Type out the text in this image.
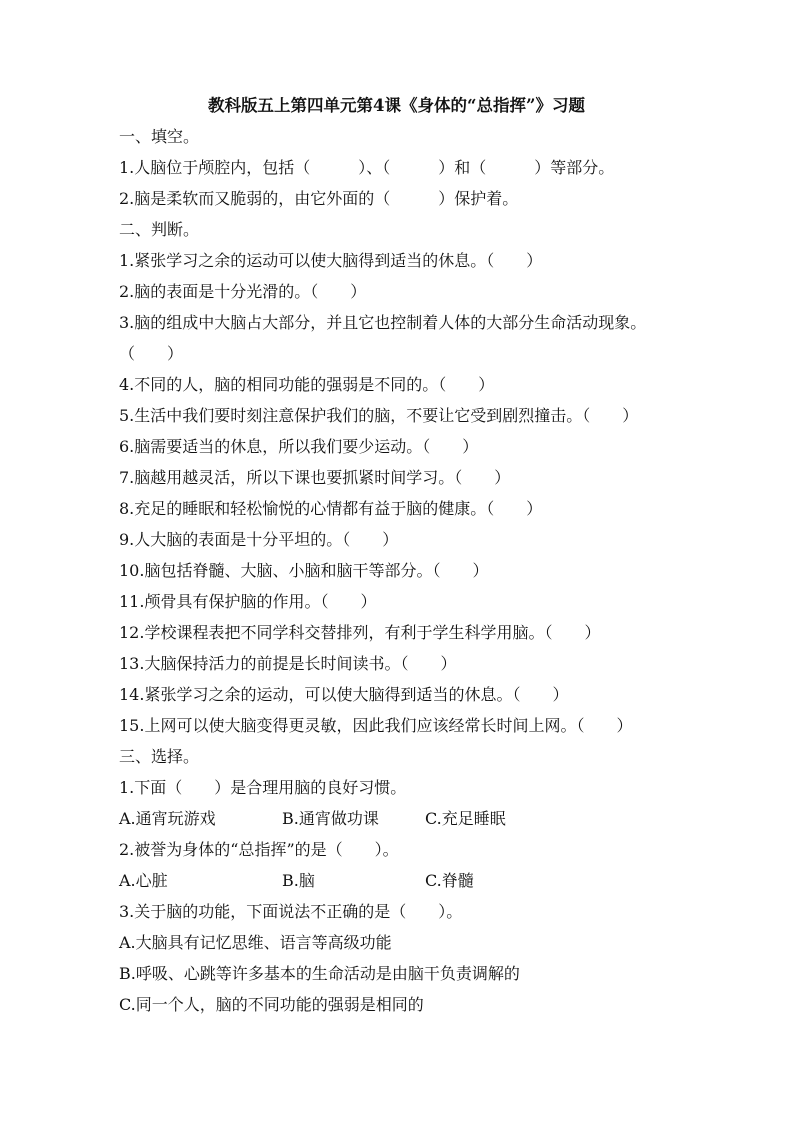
教科版五上第四单元第4课《身体的“总指挥”》习题
一、填空。
1.人脑位于颅腔内，包括（　　　）、（　　　）和（　　　）等部分。
2.脑是柔软而又脆弱的，由它外面的（　　　）保护着。
二、判断。
1.紧张学习之余的运动可以使大脑得到适当的休息。（　　）
2.脑的表面是十分光滑的。（　　）
3.脑的组成中大脑占大部分，并且它也控制着人体的大部分生命活动现象。
（　　）
4.不同的人，脑的相同功能的强弱是不同的。（　　）
5.生活中我们要时刻注意保护我们的脑，不要让它受到剧烈撞击。（　　）
6.脑需要适当的休息，所以我们要少运动。（　　）
7.脑越用越灵活，所以下课也要抓紧时间学习。（　　）
8.充足的睡眠和轻松愉悦的心情都有益于脑的健康。（　　）
9.人大脑的表面是十分平坦的。（　　）
10.脑包括脊髓、大脑、小脑和脑干等部分。（　　）
11.颅骨具有保护脑的作用。（　　）
12.学校课程表把不同学科交替排列，有利于学生科学用脑。（　　）
13.大脑保持活力的前提是长时间读书。（　　）
14.紧张学习之余的运动，可以使大脑得到适当的休息。（　　）
15.上网可以使大脑变得更灵敏，因此我们应该经常长时间上网。（　　）
三、选择。
1.下面（　　）是合理用脑的良好习惯。
A.通宵玩游戏	B.通宵做功课	C.充足睡眠
2.被誉为身体的“总指挥”的是（　　）。
A.心脏	B.脑	C.脊髓
3.关于脑的功能，下面说法不正确的是（　　）。
A.大脑具有记忆思维、语言等高级功能
B.呼吸、心跳等许多基本的生命活动是由脑干负责调解的
C.同一个人，脑的不同功能的强弱是相同的
